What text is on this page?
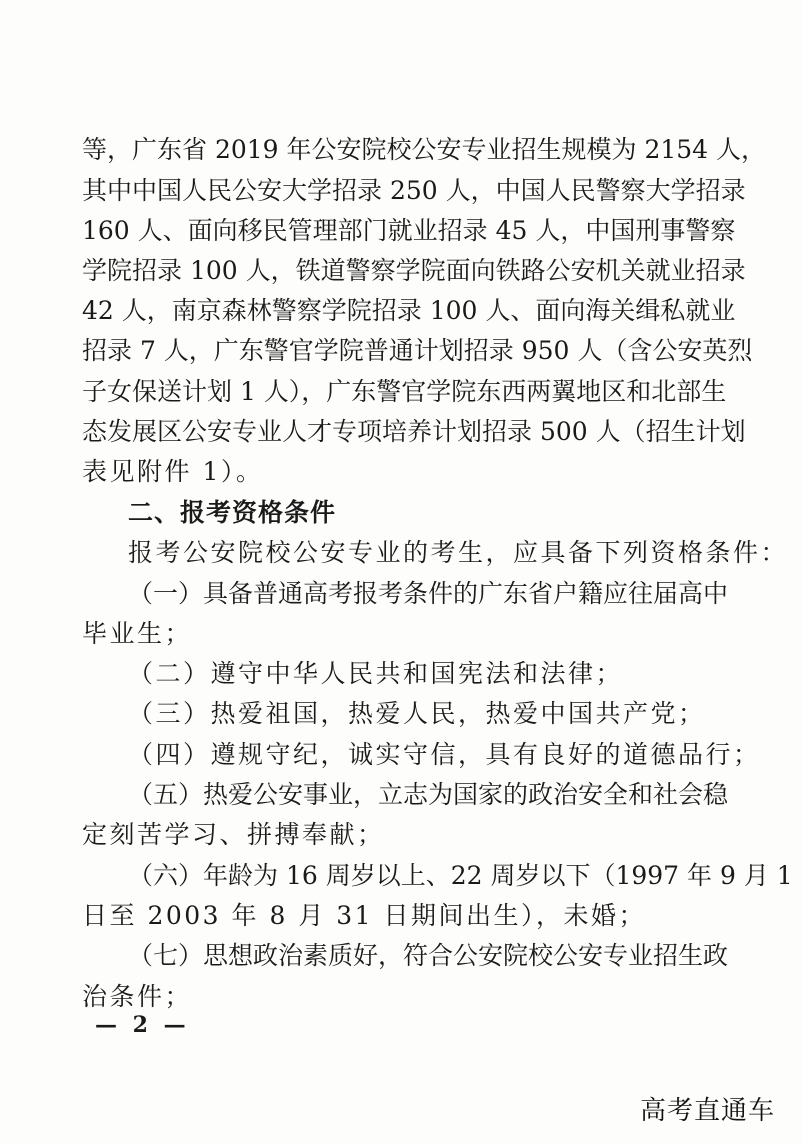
等，广东省 2019 年公安院校公安专业招生规模为 2154 人，
其中中国人民公安大学招录 250 人，中国人民警察大学招录
160 人、面向移民管理部门就业招录 45 人，中国刑事警察
学院招录 100 人，铁道警察学院面向铁路公安机关就业招录
42 人，南京森林警察学院招录 100 人、面向海关缉私就业
招录 7 人，广东警官学院普通计划招录 950 人（含公安英烈
子女保送计划 1 人），广东警官学院东西两翼地区和北部生
态发展区公安专业人才专项培养计划招录 500 人（招生计划
表见附件 1）。
二、报考资格条件
报考公安院校公安专业的考生，应具备下列资格条件：
（一）具备普通高考报考条件的广东省户籍应往届高中
毕业生；
（二）遵守中华人民共和国宪法和法律；
（三）热爱祖国，热爱人民，热爱中国共产党；
（四）遵规守纪，诚实守信，具有良好的道德品行；
（五）热爱公安事业，立志为国家的政治安全和社会稳
定刻苦学习、拼搏奉献；
（六）年龄为 16 周岁以上、22 周岁以下（1997 年 9 月 1
日至 2003 年 8 月 31 日期间出生），未婚；
（七）思想政治素质好，符合公安院校公安专业招生政
治条件；
— 2 —
高考直通车
